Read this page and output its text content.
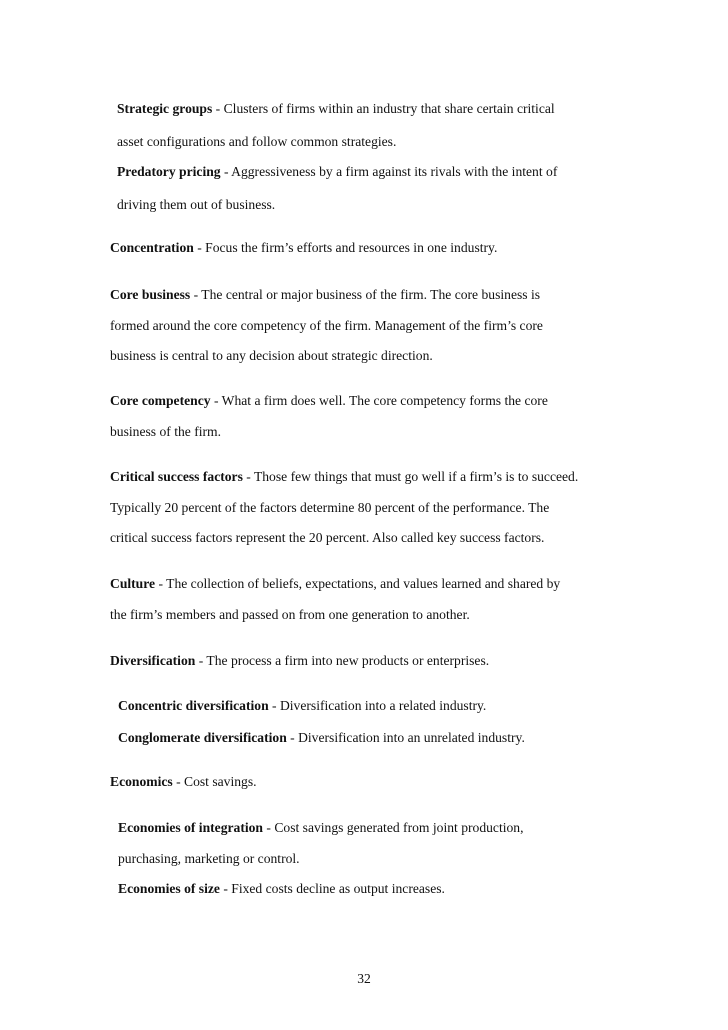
Strategic groups - Clusters of firms within an industry that share certain critical
asset configurations and follow common strategies.
Predatory pricing - Aggressiveness by a firm against its rivals with the intent of
driving them out of business.
Concentration - Focus the firm’s efforts and resources in one industry.
Core business - The central or major business of the firm. The core business is
formed around the core competency of the firm. Management of the firm’s core
business is central to any decision about strategic direction.
Core competency - What a firm does well. The core competency forms the core
business of the firm.
Critical success factors - Those few things that must go well if a firm’s is to succeed.
Typically 20 percent of the factors determine 80 percent of the performance. The
critical success factors represent the 20 percent. Also called key success factors.
Culture - The collection of beliefs, expectations, and values learned and shared by
the firm’s members and passed on from one generation to another.
Diversification - The process a firm into new products or enterprises.
Concentric diversification - Diversification into a related industry.
Conglomerate diversification - Diversification into an unrelated industry.
Economics - Cost savings.
Economies of integration - Cost savings generated from joint production,
purchasing, marketing or control.
Economies of size - Fixed costs decline as output increases.
32
